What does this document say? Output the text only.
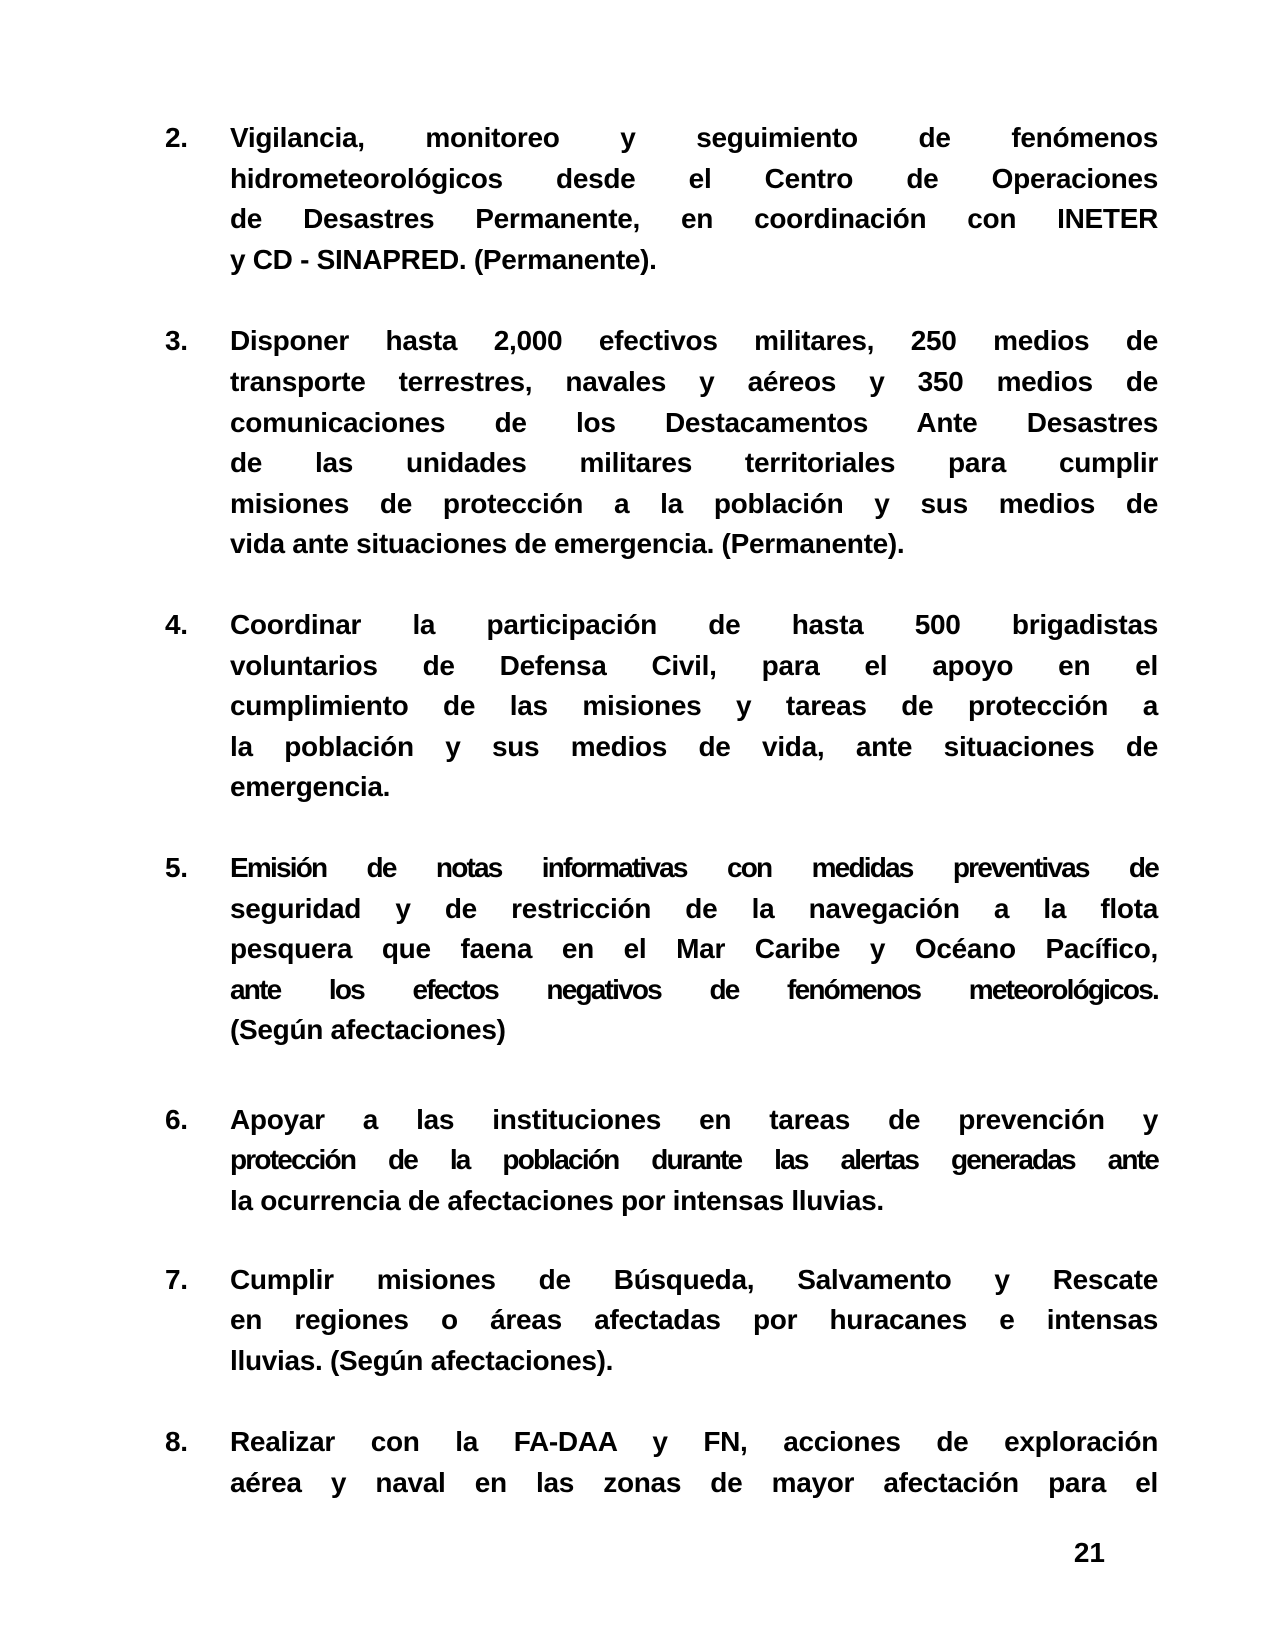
2.	Vigilancia, monitoreo y seguimiento de fenómenos
hidrometeorológicos desde el Centro de Operaciones
de Desastres Permanente, en coordinación con INETER
y CD - SINAPRED. (Permanente).
3.	Disponer hasta 2,000 efectivos militares, 250 medios de
transporte terrestres, navales y aéreos y 350 medios de
comunicaciones de los Destacamentos Ante Desastres
de las unidades militares territoriales para cumplir
misiones de protección a la población y sus medios de
vida ante situaciones de emergencia. (Permanente).
4.	Coordinar la participación de hasta 500 brigadistas
voluntarios de Defensa Civil, para el apoyo en el
cumplimiento de las misiones y tareas de protección a
la población y sus medios de vida, ante situaciones de
emergencia.
5.	Emisión de notas informativas con medidas preventivas de
seguridad y de restricción de la navegación a la flota
pesquera que faena en el Mar Caribe y Océano Pacífico,
ante los efectos negativos de fenómenos meteorológicos.
(Según afectaciones)
6.	Apoyar a las instituciones en tareas de prevención y
protección de la población durante las alertas generadas ante
la ocurrencia de afectaciones por intensas lluvias.
7.	Cumplir misiones de Búsqueda, Salvamento y Rescate
en regiones o áreas afectadas por huracanes e intensas
lluvias. (Según afectaciones).
8.	Realizar con la FA-DAA y FN, acciones de exploración
aérea y naval en las zonas de mayor afectación para el
21
